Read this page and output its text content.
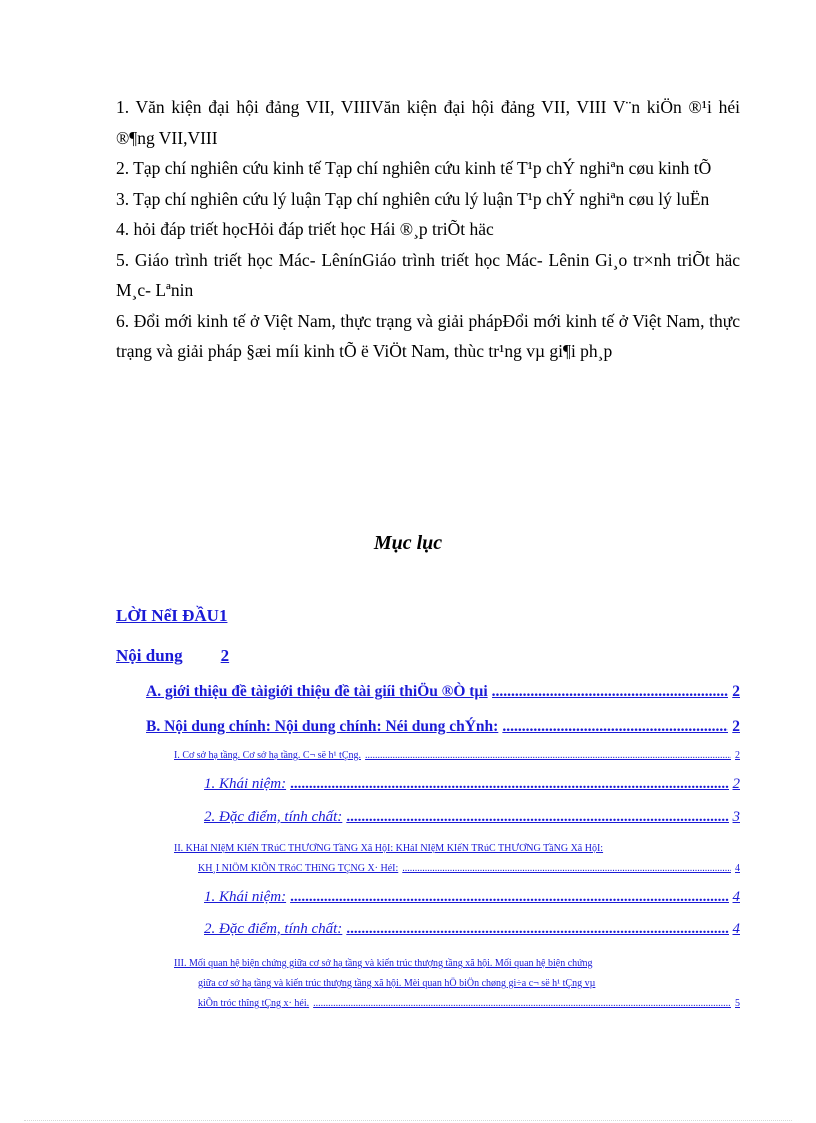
1. Văn kiện đại hội đảng VII, VIIIVăn kiện đại hội đảng VII, VIII V¨n kiÖn ®¹i héi ®¶ng VII,VIII

2. Tạp chí nghiên cứu kinh tế Tạp chí nghiên cứu kinh tế T¹p chÝ nghiªn cøu kinh tÕ

3. Tạp chí nghiên cứu lý luận Tạp chí nghiên cứu lý luận T¹p chÝ nghiªn cøu lý luËn

4. hỏi đáp triết họcHỏi đáp triết học Hái ®¸p triÕt häc

5. Giáo trình triết học Mác- LênínGiáo trình triết học Mác- Lênin Gi¸o tr×nh triÕt häc M¸c- Lªnin

6. Đổi mới kinh tế ở Việt Nam, thực trạng và giải phápĐổi mới kinh tế ở Việt Nam, thực trạng và giải pháp §æi míi kinh tÕ ë ViÖt Nam, thùc tr¹ng vµ gi¶i ph¸p

Mục lục
LỜI NểI ĐẦU1
Nội dung 2
A. giới thiệu đề tàigiới thiệu đề tài giíi thiÖu ®Ò tµi .....	2
B. Nội dung chính: Nội dung chính: Néi dung chÝnh: .....	2
I. Cơ sở hạ tầng. Cơ sở hạ tầng. C¬ së h¹ tÇng. .....	2
1. Khái niệm: .....	2
2. Đặc điểm, tính chất: .....	3
II. KHáI NIệM KIếN TRúC THƯƠNG TầNG Xã HộI: KHáI NIệM KIếN TRúC THƯƠNG TầNG Xã HộI:
KH¸I NIÖM KIÕN TRóC THîNG TÇNG X· HéI: .....	4
1. Khái niệm: .....	4
2. Đặc điểm, tính chất: .....	4
III. Mối quan hệ biện chứng giữa cơ sở hạ tầng và kiến trúc thượng tầng xã hội. Mối quan hệ biện chứng
giữa cơ sở hạ tầng và kiến trúc thượng tầng xã hội. Mèi quan hÖ biÖn chøng gi÷a c¬ së h¹ tÇng vµ
kiÕn tróc thîng tÇng x· héi. .....	5
